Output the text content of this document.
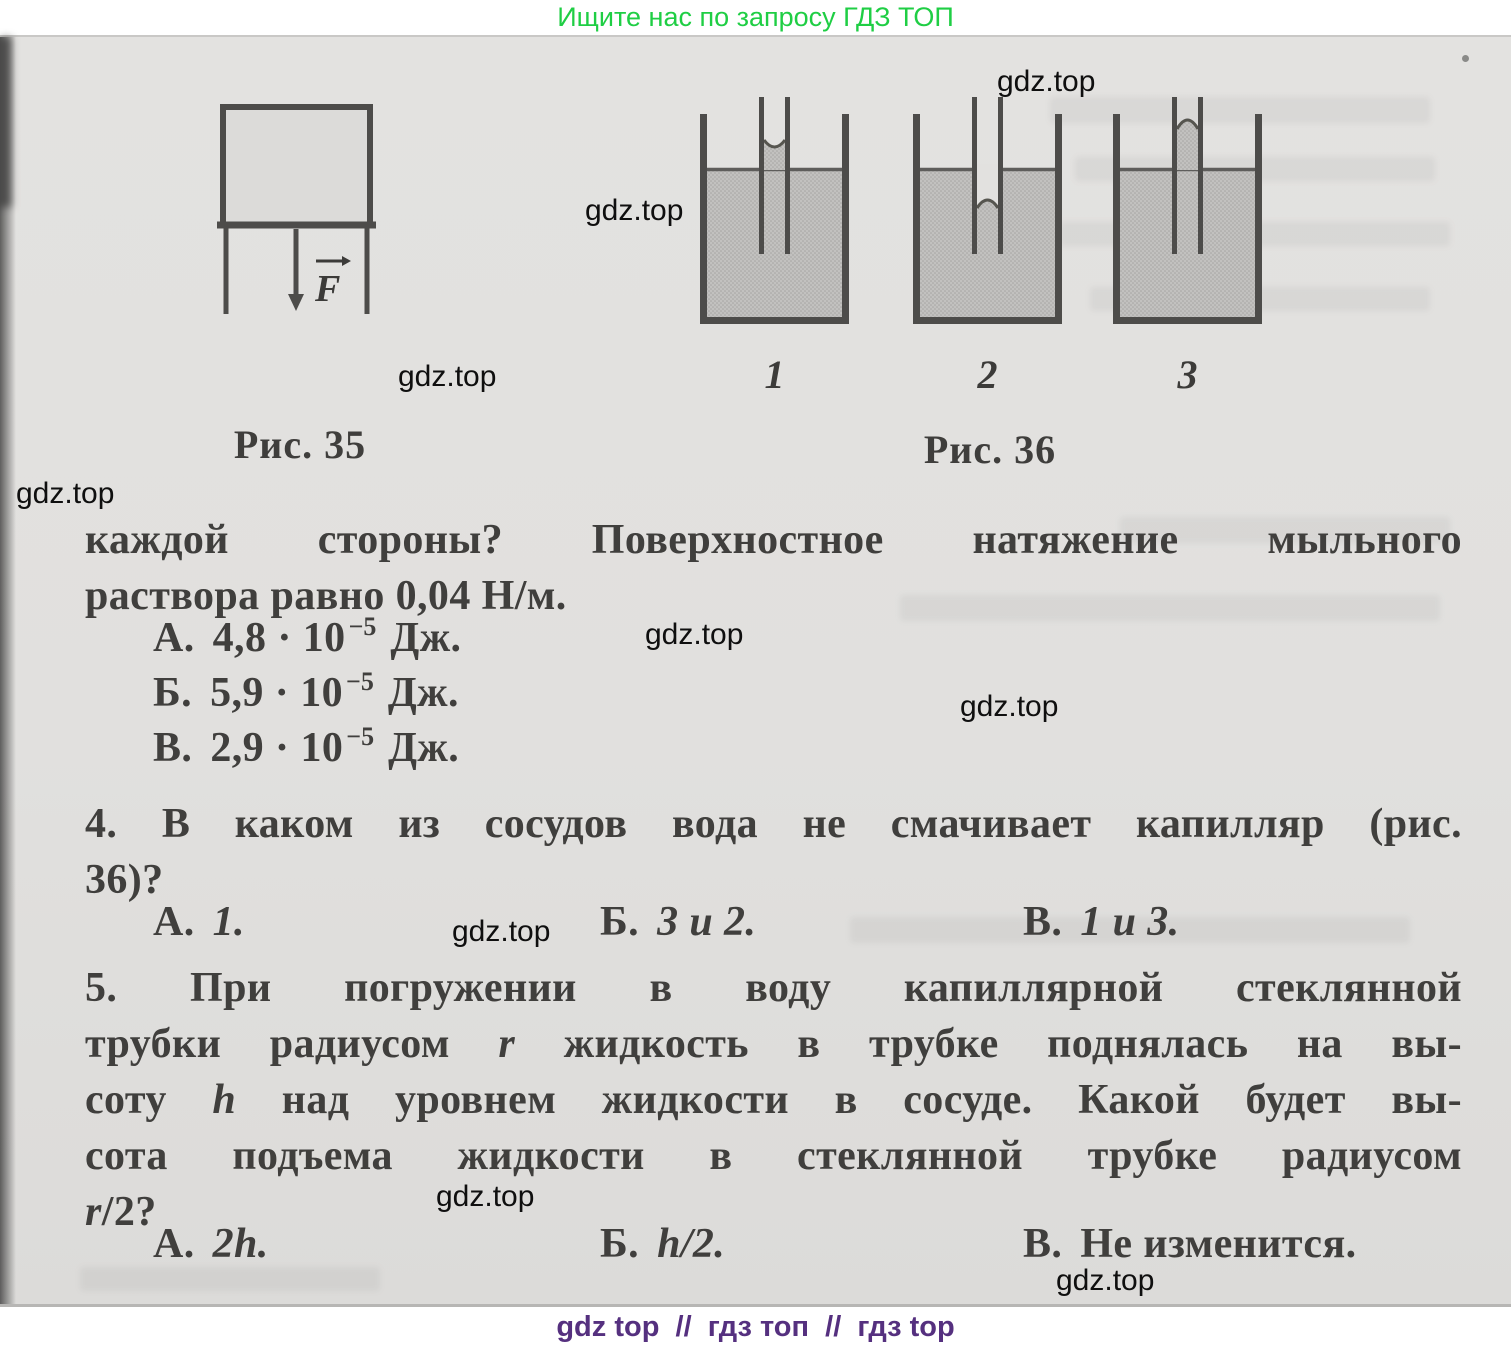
Ищите нас по запросу ГДЗ ТОП
F
Рис. 35
1	2	3
Рис. 36
gdz.top
gdz.top
gdz.top
gdz.top
gdz.top
gdz.top
gdz.top
gdz.top
gdz.top
каждой стороны? Поверхностное натяжение мыльного
раствора равно 0,04 Н/м.
А. 4,8 · 10 $^{-5}$ Дж.
Б. 5,9 · 10 $^{-5}$ Дж.
В. 2,9 · 10 $^{-5}$ Дж.
4. В каком из сосудов вода не смачивает капилляр (рис.
36)?
А. 1.	Б. 3 и 2.	В. 1 и 3.
5. При погружении в воду капиллярной стеклянной
трубки радиусом r жидкость в трубке поднялась на вы-
соту h над уровнем жидкости в сосуде. Какой будет вы-
сота подъема жидкости в стеклянной трубке радиусом
r/2?
А. 2h.	Б. h/2.	В. Не изменится.
gdz top  //  гдз топ  //  гдз top
